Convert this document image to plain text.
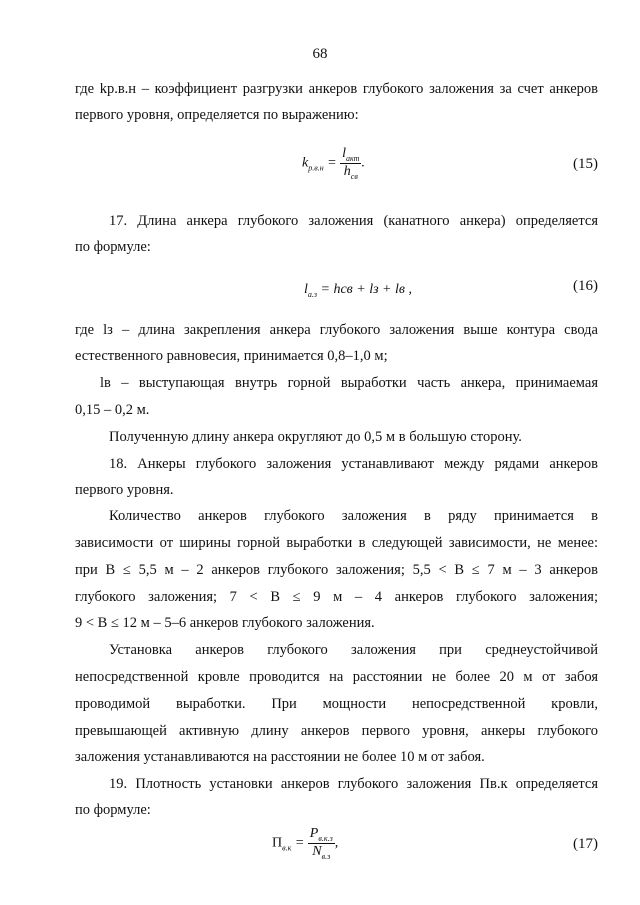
68
где kр.в.н – коэффициент разгрузки анкеров глубокого заложения за счет анкеров
первого уровня, определяется по выражению:
$k_{р.в.н} = \frac{l_{акт}}{h_{св}}$ .	(15)
17. Длина анкера глубокого заложения (канатного анкера) определяется
по формуле:
$l_{а.з}$ = hсв + lз + lв ,	(16)
где lз – длина закрепления анкера глубокого заложения выше контура свода
естественного равновесия, принимается 0,8–1,0 м;
lв – выступающая внутрь горной выработки часть анкера, принимаемая
0,15 – 0,2 м.
Полученную длину анкера округляют до 0,5 м в большую сторону.
18. Анкеры глубокого заложения устанавливают между рядами анкеров
первого уровня.
Количество анкеров глубокого заложения в ряду принимается в
зависимости от ширины горной выработки в следующей зависимости, не менее:
при B ≤ 5,5 м – 2 анкеров глубокого заложения; 5,5 < B ≤ 7 м – 3 анкеров
глубокого заложения; 7 < B ≤ 9 м – 4 анкеров глубокого заложения;
9 < B ≤ 12 м – 5–6 анкеров глубокого заложения.
Установка анкеров глубокого заложения при среднеустойчивой
непосредственной кровле проводится на расстоянии не более 20 м от забоя
проводимой выработки. При мощности непосредственной кровли,
превышающей активную длину анкеров первого уровня, анкеры глубокого
заложения устанавливаются на расстоянии не более 10 м от забоя.
19. Плотность установки анкеров глубокого заложения Пв.к определяется
по формуле:
$П_{в.к} = \frac{P_{в.к.з}}{N_{в.з}}$ ,	(17)
